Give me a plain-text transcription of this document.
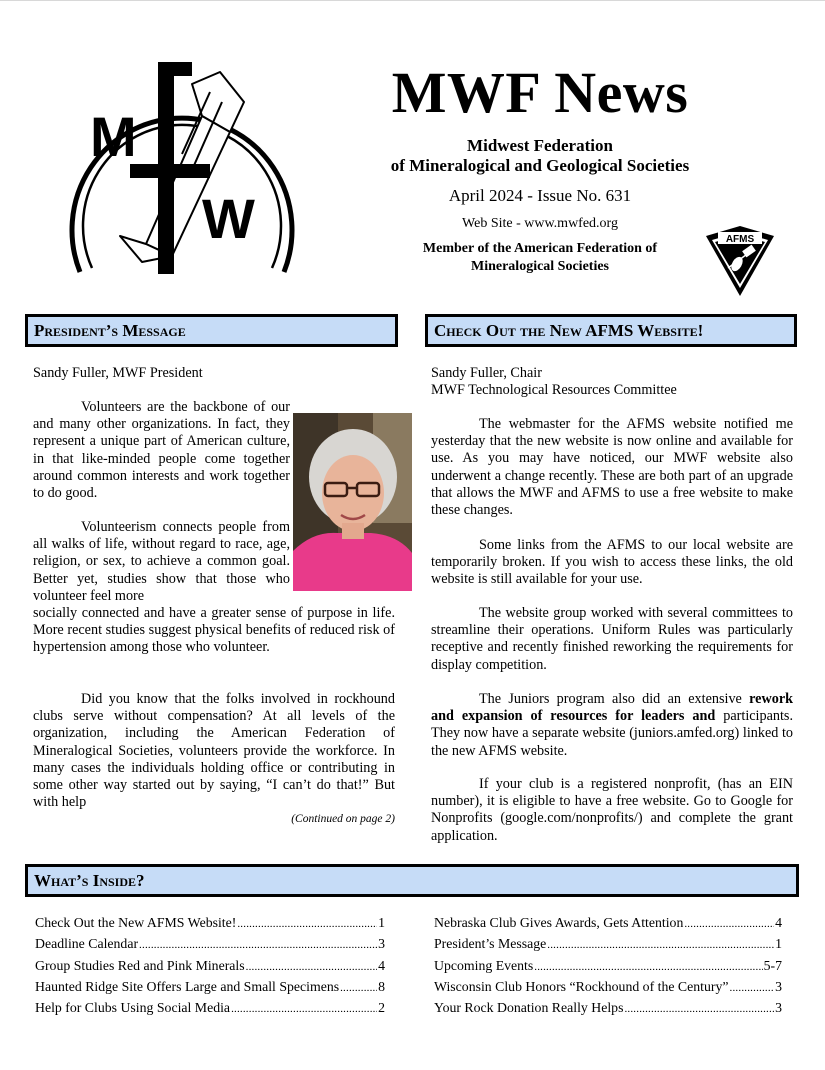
M
W
MWF News
Midwest Federation
of Mineralogical and Geological Societies
April 2024 - Issue No. 631
Web Site - www.mwfed.org
Member of the American Federation of
Mineralogical Societies
AFMS
President’s Message	Check Out the New AFMS Website!
Sandy Fuller, MWF President

Volunteers are the backbone of our and many other organizations. In fact, they represent a unique part of American culture, in that like-minded people come together around common interests and work together to do good.

Volunteerism connects people from all walks of life, without regard to race, age, religion, or sex, to achieve a common goal. Better yet, studies show that those who volunteer feel more

socially connected and have a greater sense of purpose in life. More recent studies suggest physical benefits of reduced risk of hypertension among those who volunteer.

Did you know that the folks involved in rockhound clubs serve without compensation? At all levels of the organization, including the American Federation of Mineralogical Societies, volunteers provide the workforce. In many cases the individuals holding office or contributing in some other way started out by saying, “I can’t do that!” But with help

(Continued on page 2)
Sandy Fuller, Chair
MWF Technological Resources Committee

The webmaster for the AFMS website notified me yesterday that the new website is now online and available for use. As you may have noticed, our MWF website also underwent a change recently. These are both part of an upgrade that allows the MWF and AFMS to use a free website to make these changes.

Some links from the AFMS to our local website are temporarily broken. If you wish to access these links, the old website is still available for your use.

The website group worked with several committees to streamline their operations. Uniform Rules was particularly receptive and recently finished reworking the requirements for display competition.

The Juniors program also did an extensive rework and expansion of resources for leaders and participants. They now have a separate website (juniors.amfed.org) linked to the new AFMS website.

If your club is a registered nonprofit, (has an EIN number), it is eligible to have a free website. Go to Google for Nonprofits (google.com/nonprofits/) and complete the grant application.

What’s Inside?
Check Out the New AFMS Website! .....	1
Deadline Calendar .....	3
Group Studies Red and Pink Minerals .....	4
Haunted Ridge Site Offers Large and Small Specimens .....	8
Help for Clubs Using Social Media .....	2
Nebraska Club Gives Awards, Gets Attention .....	4
President’s Message .....	1
Upcoming Events .....	5-7
Wisconsin Club Honors “Rockhound of the Century” .....	3
Your Rock Donation Really Helps .....	3
